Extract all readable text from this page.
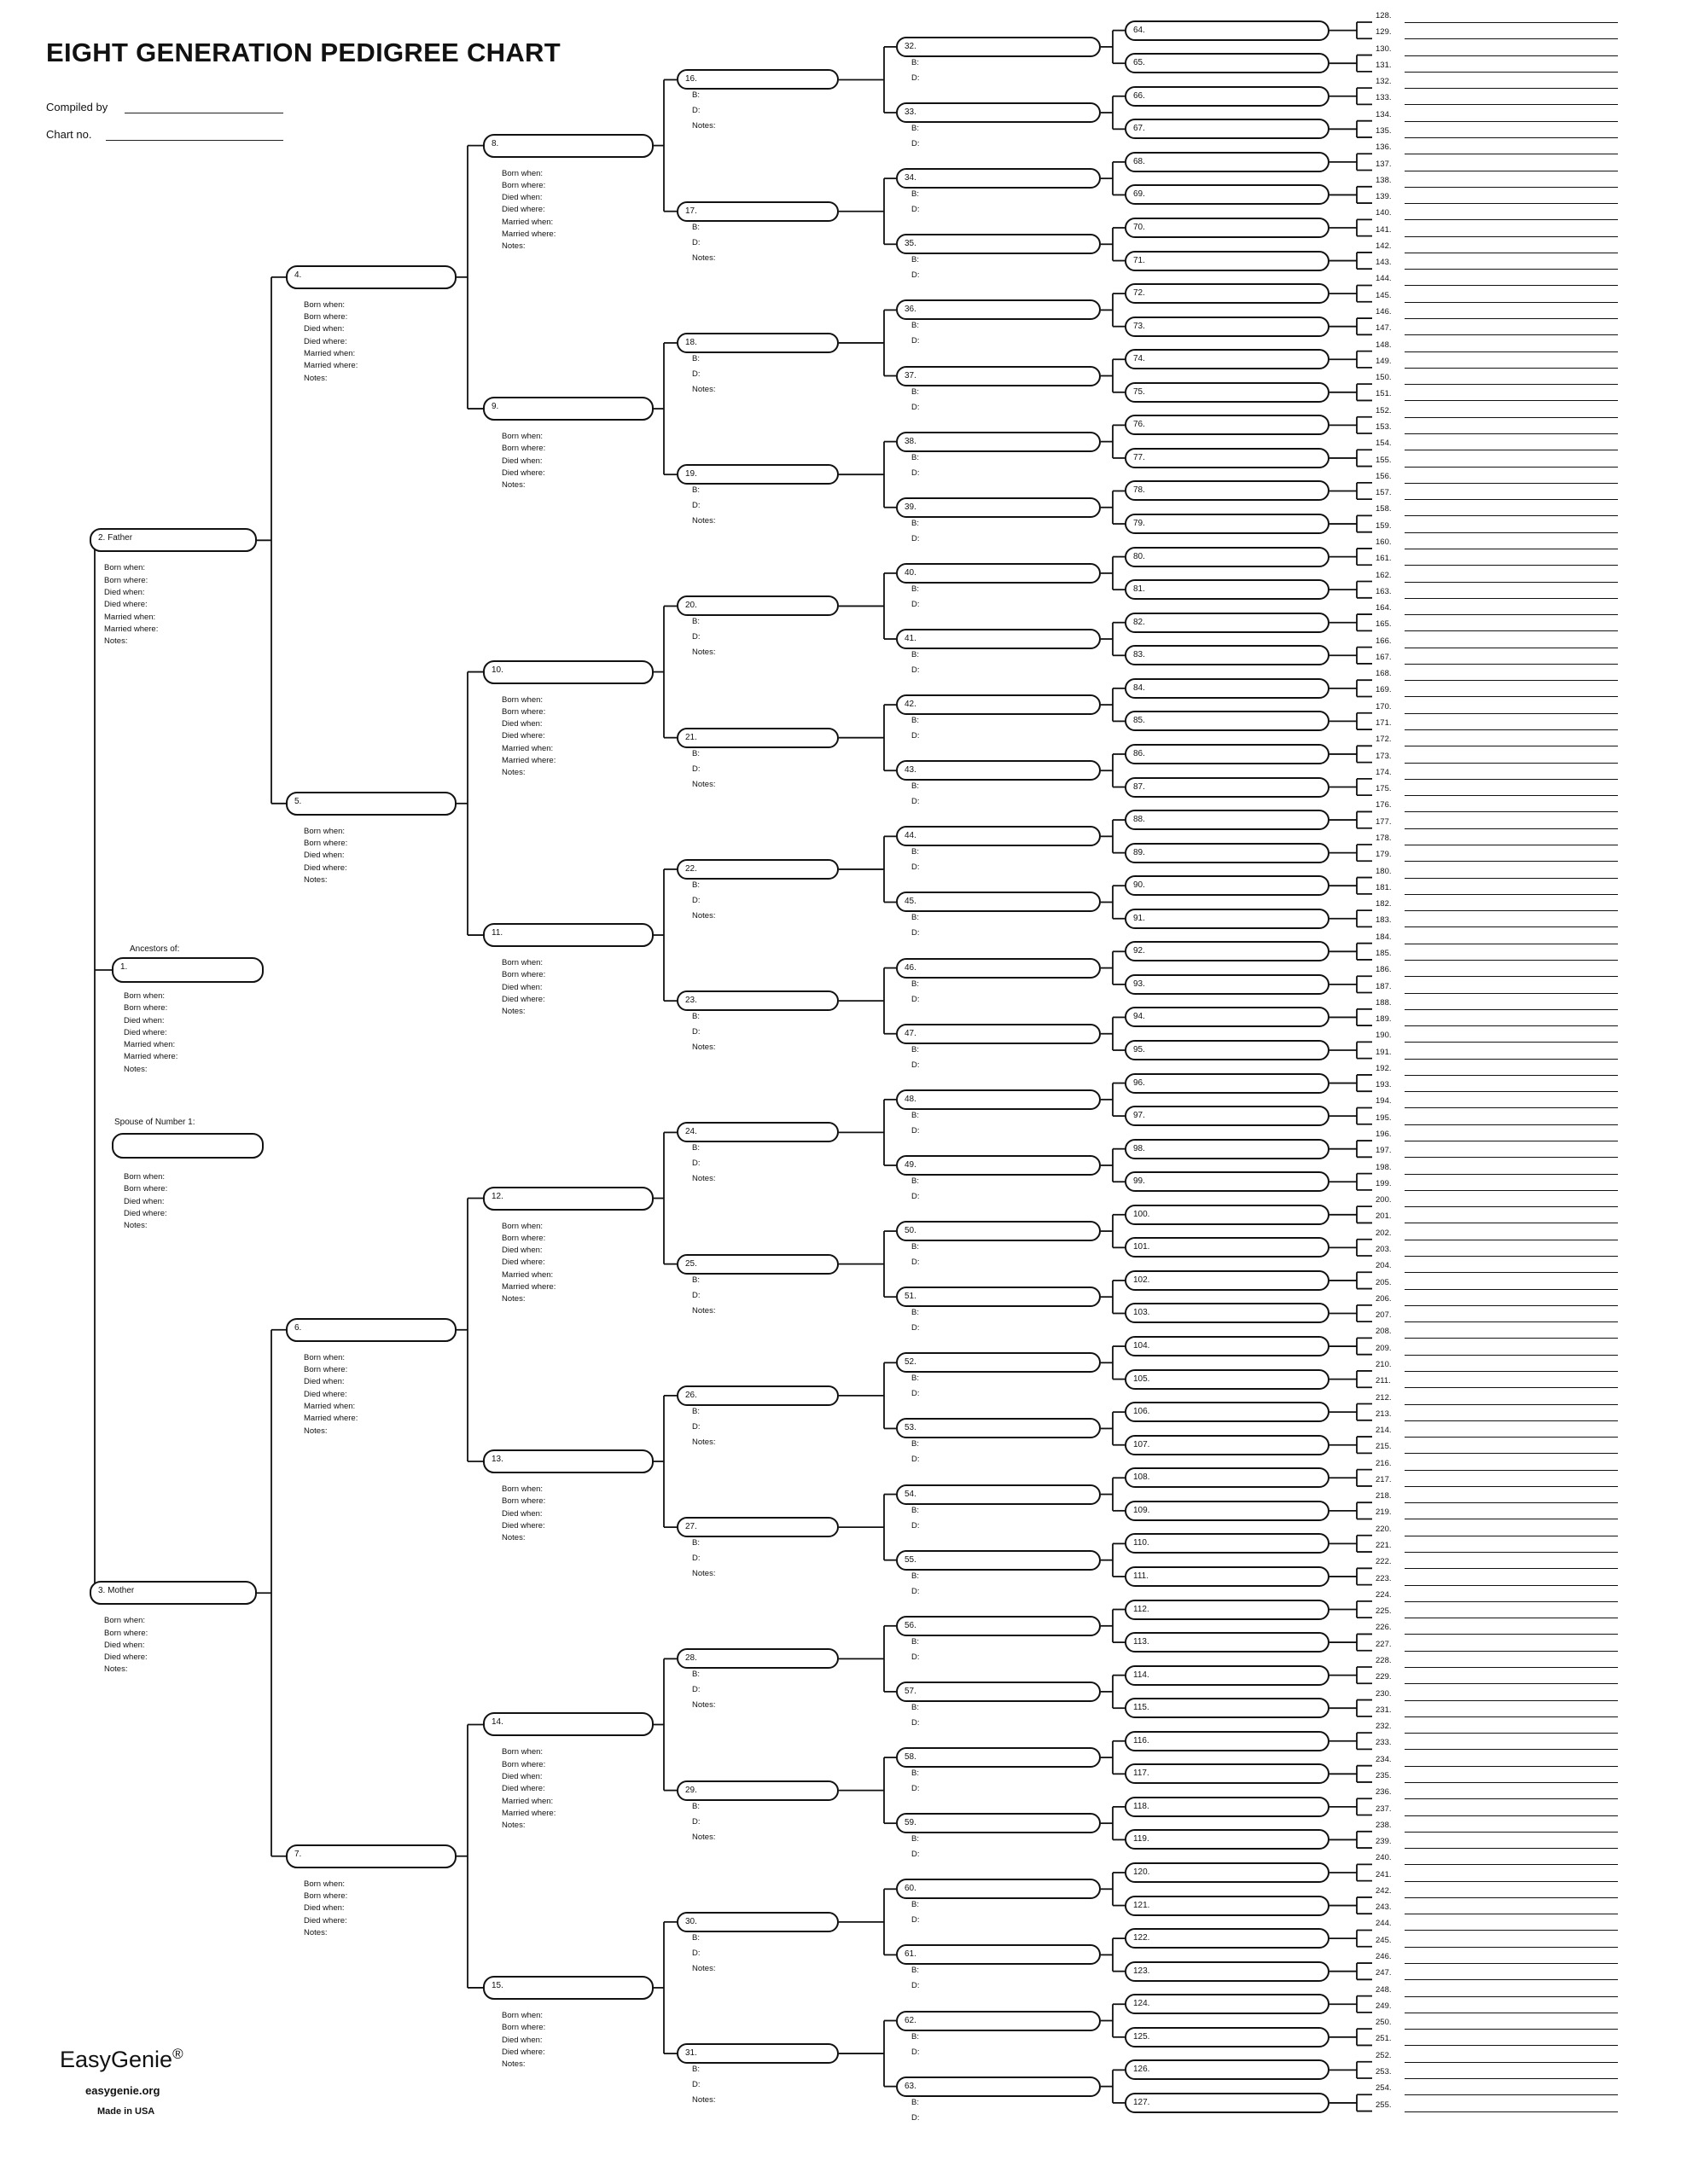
EIGHT GENERATION PEDIGREE CHART
Compiled by
Chart no.
2. Father
Born when:
Born where:
Died when:
Died where:
Married when:
Married where:
Notes:
3. Mother
Born when:
Born where:
Died when:
Died where:
Notes:
4.
Born when:
Born where:
Died when:
Died where:
Married when:
Married where:
Notes:
5.
Born when:
Born where:
Died when:
Died where:
Notes:
6.
Born when:
Born where:
Died when:
Died where:
Married when:
Married where:
Notes:
7.
Born when:
Born where:
Died when:
Died where:
Notes:
8.
Born when:
Born where:
Died when:
Died where:
Married when:
Married where:
Notes:
9.
Born when:
Born where:
Died when:
Died where:
Notes:
10.
Born when:
Born where:
Died when:
Died where:
Married when:
Married where:
Notes:
11.
Born when:
Born where:
Died when:
Died where:
Notes:
12.
Born when:
Born where:
Died when:
Died where:
Married when:
Married where:
Notes:
13.
Born when:
Born where:
Died when:
Died where:
Notes:
14.
Born when:
Born where:
Died when:
Died where:
Married when:
Married where:
Notes:
15.
Born when:
Born where:
Died when:
Died where:
Notes:
16.
B:
D:
Notes:
17.
B:
D:
Notes:
18.
B:
D:
Notes:
19.
B:
D:
Notes:
20.
B:
D:
Notes:
21.
B:
D:
Notes:
22.
B:
D:
Notes:
23.
B:
D:
Notes:
24.
B:
D:
Notes:
25.
B:
D:
Notes:
26.
B:
D:
Notes:
27.
B:
D:
Notes:
28.
B:
D:
Notes:
29.
B:
D:
Notes:
30.
B:
D:
Notes:
31.
B:
D:
Notes:
32.
B:
D:
33.
B:
D:
34.
B:
D:
35.
B:
D:
36.
B:
D:
37.
B:
D:
38.
B:
D:
39.
B:
D:
40.
B:
D:
41.
B:
D:
42.
B:
D:
43.
B:
D:
44.
B:
D:
45.
B:
D:
46.
B:
D:
47.
B:
D:
48.
B:
D:
49.
B:
D:
50.
B:
D:
51.
B:
D:
52.
B:
D:
53.
B:
D:
54.
B:
D:
55.
B:
D:
56.
B:
D:
57.
B:
D:
58.
B:
D:
59.
B:
D:
60.
B:
D:
61.
B:
D:
62.
B:
D:
63.
B:
D:
64.
65.
66.
67.
68.
69.
70.
71.
72.
73.
74.
75.
76.
77.
78.
79.
80.
81.
82.
83.
84.
85.
86.
87.
88.
89.
90.
91.
92.
93.
94.
95.
96.
97.
98.
99.
100.
101.
102.
103.
104.
105.
106.
107.
108.
109.
110.
111.
112.
113.
114.
115.
116.
117.
118.
119.
120.
121.
122.
123.
124.
125.
126.
127.
128.
129.
130.
131.
132.
133.
134.
135.
136.
137.
138.
139.
140.
141.
142.
143.
144.
145.
146.
147.
148.
149.
150.
151.
152.
153.
154.
155.
156.
157.
158.
159.
160.
161.
162.
163.
164.
165.
166.
167.
168.
169.
170.
171.
172.
173.
174.
175.
176.
177.
178.
179.
180.
181.
182.
183.
184.
185.
186.
187.
188.
189.
190.
191.
192.
193.
194.
195.
196.
197.
198.
199.
200.
201.
202.
203.
204.
205.
206.
207.
208.
209.
210.
211.
212.
213.
214.
215.
216.
217.
218.
219.
220.
221.
222.
223.
224.
225.
226.
227.
228.
229.
230.
231.
232.
233.
234.
235.
236.
237.
238.
239.
240.
241.
242.
243.
244.
245.
246.
247.
248.
249.
250.
251.
252.
253.
254.
255.
Ancestors of:
1.
Born when:
Born where:
Died when:
Died where:
Married when:
Married where:
Notes:
Spouse of Number 1:
Born when:
Born where:
Died when:
Died where:
Notes:
EasyGenie®
easygenie.org
Made in USA
